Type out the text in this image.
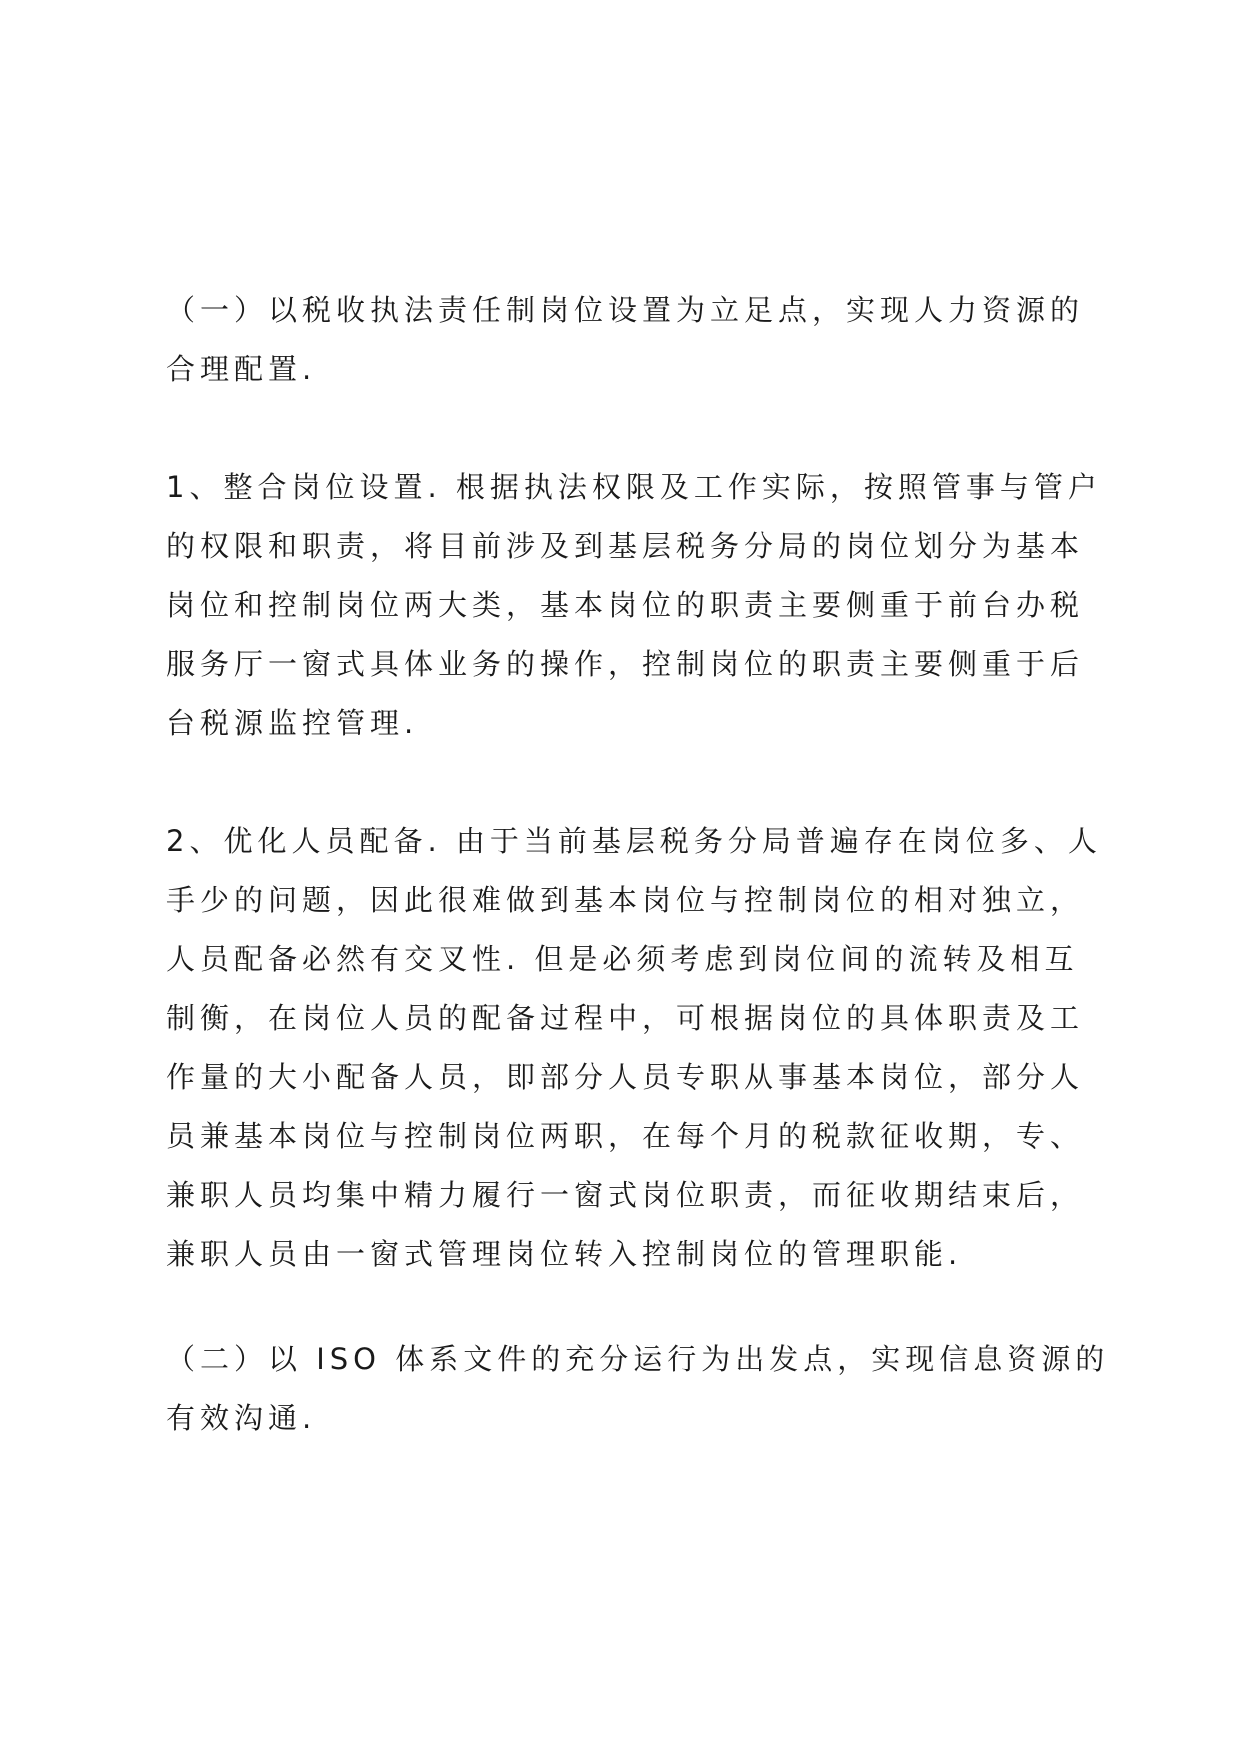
（一）以税收执法责任制岗位设置为立足点，实现人力资源的
合理配置.

1、整合岗位设置. 根据执法权限及工作实际，按照管事与管户
的权限和职责，将目前涉及到基层税务分局的岗位划分为基本
岗位和控制岗位两大类，基本岗位的职责主要侧重于前台办税
服务厅一窗式具体业务的操作，控制岗位的职责主要侧重于后
台税源监控管理.

2、优化人员配备. 由于当前基层税务分局普遍存在岗位多、人
手少的问题，因此很难做到基本岗位与控制岗位的相对独立，
人员配备必然有交叉性. 但是必须考虑到岗位间的流转及相互
制衡，在岗位人员的配备过程中，可根据岗位的具体职责及工
作量的大小配备人员，即部分人员专职从事基本岗位，部分人
员兼基本岗位与控制岗位两职，在每个月的税款征收期，专、
兼职人员均集中精力履行一窗式岗位职责，而征收期结束后，
兼职人员由一窗式管理岗位转入控制岗位的管理职能.

（二）以 ISO 体系文件的充分运行为出发点，实现信息资源的
有效沟通.
